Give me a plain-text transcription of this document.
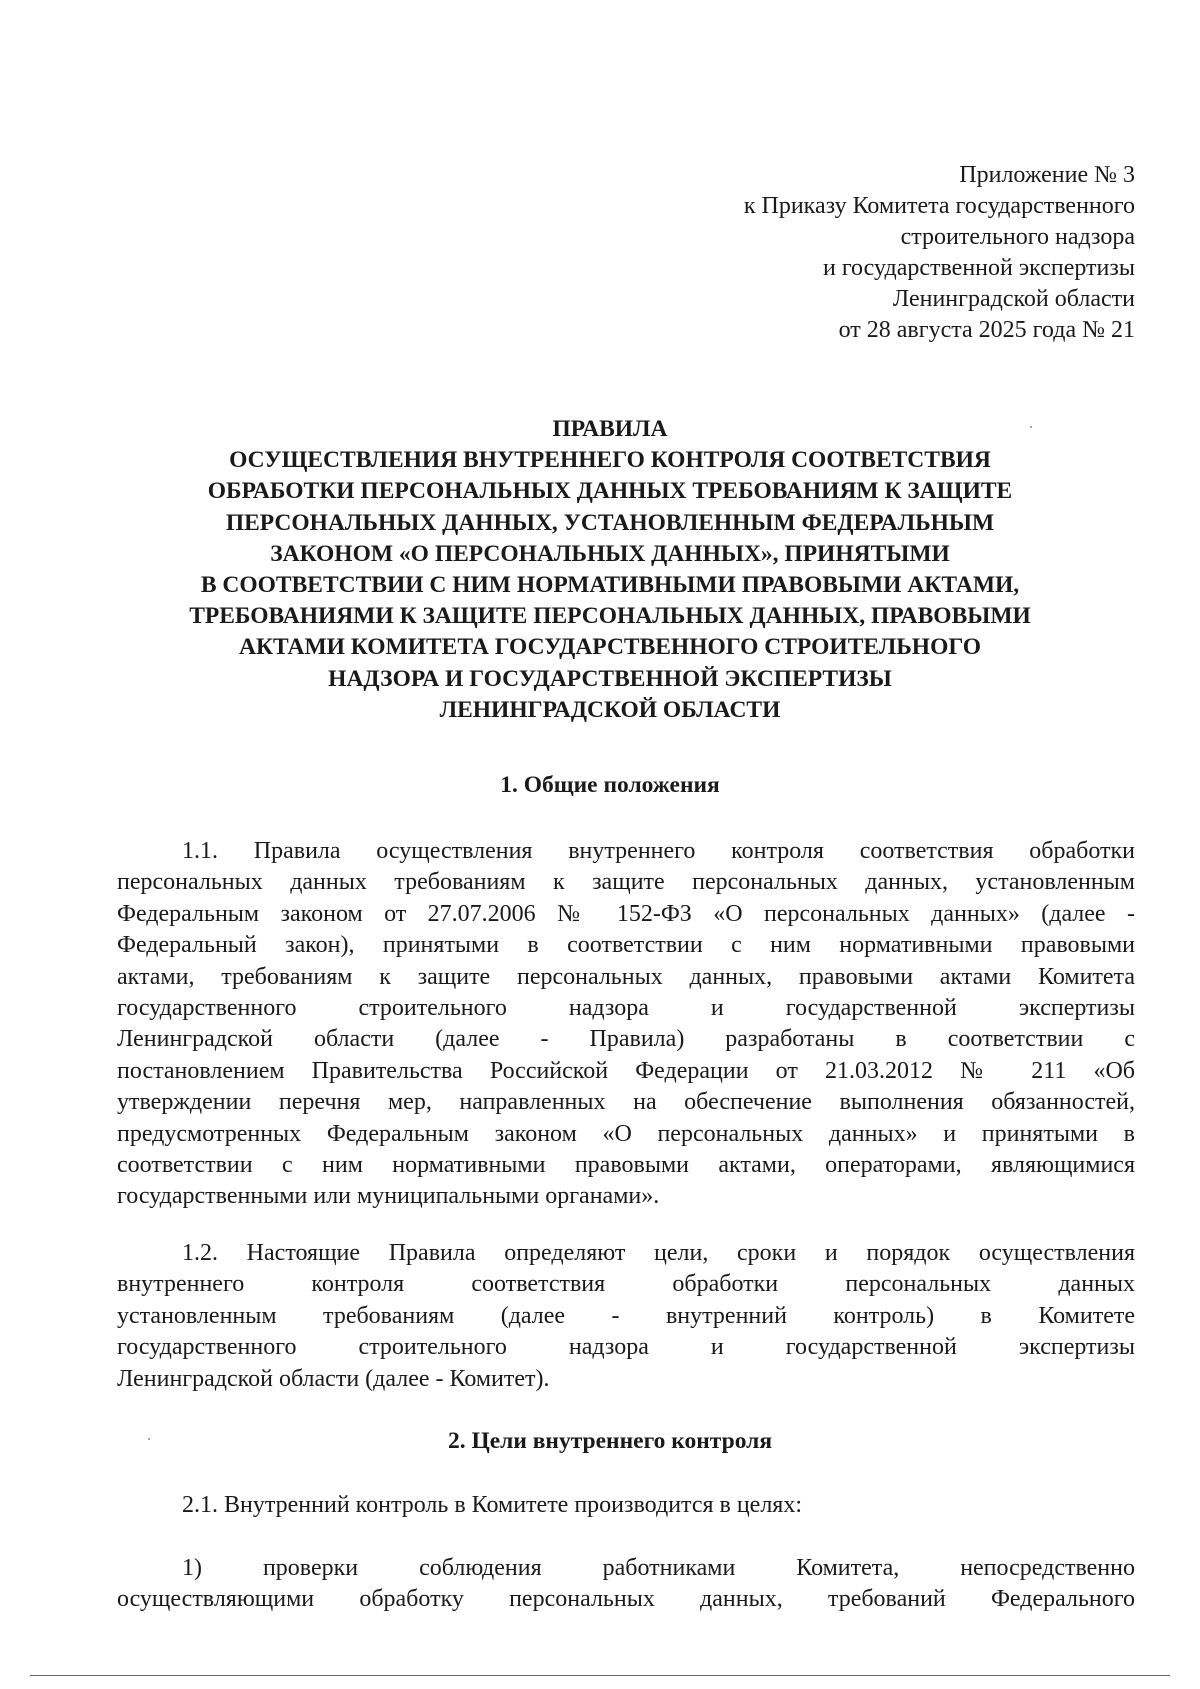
Приложение № 3
к Приказу Комитета государственного
строительного надзора
и государственной экспертизы
Ленинградской области
от 28 августа 2025 года № 21
ПРАВИЛА
ОСУЩЕСТВЛЕНИЯ ВНУТРЕННЕГО КОНТРОЛЯ СООТВЕТСТВИЯ
ОБРАБОТКИ ПЕРСОНАЛЬНЫХ ДАННЫХ ТРЕБОВАНИЯМ К ЗАЩИТЕ
ПЕРСОНАЛЬНЫХ ДАННЫХ, УСТАНОВЛЕННЫМ ФЕДЕРАЛЬНЫМ
ЗАКОНОМ «О ПЕРСОНАЛЬНЫХ ДАННЫХ», ПРИНЯТЫМИ
В СООТВЕТСТВИИ С НИМ НОРМАТИВНЫМИ ПРАВОВЫМИ АКТАМИ,
ТРЕБОВАНИЯМИ К ЗАЩИТЕ ПЕРСОНАЛЬНЫХ ДАННЫХ, ПРАВОВЫМИ
АКТАМИ КОМИТЕТА ГОСУДАРСТВЕННОГО СТРОИТЕЛЬНОГО
НАДЗОРА И ГОСУДАРСТВЕННОЙ ЭКСПЕРТИЗЫ
ЛЕНИНГРАДСКОЙ ОБЛАСТИ
1. Общие положения
1.1. Правила осуществления внутреннего контроля соответствия обработки
персональных данных требованиям к защите персональных данных, установленным
Федеральным законом от 27.07.2006 № 152-ФЗ «О персональных данных» (далее -
Федеральный закон), принятыми в соответствии с ним нормативными правовыми
актами, требованиям к защите персональных данных, правовыми актами Комитета
государственного строительного надзора и государственной экспертизы
Ленинградской области (далее - Правила) разработаны в соответствии с
постановлением Правительства Российской Федерации от 21.03.2012 № 211 «Об
утверждении перечня мер, направленных на обеспечение выполнения обязанностей,
предусмотренных Федеральным законом «О персональных данных» и принятыми в
соответствии с ним нормативными правовыми актами, операторами, являющимися
государственными или муниципальными органами».
1.2. Настоящие Правила определяют цели, сроки и порядок осуществления
внутреннего контроля соответствия обработки персональных данных
установленным требованиям (далее - внутренний контроль) в Комитете
государственного строительного надзора и государственной экспертизы
Ленинградской области (далее - Комитет).
2. Цели внутреннего контроля
2.1. Внутренний контроль в Комитете производится в целях:
1) проверки соблюдения работниками Комитета, непосредственно
осуществляющими обработку персональных данных, требований Федерального
